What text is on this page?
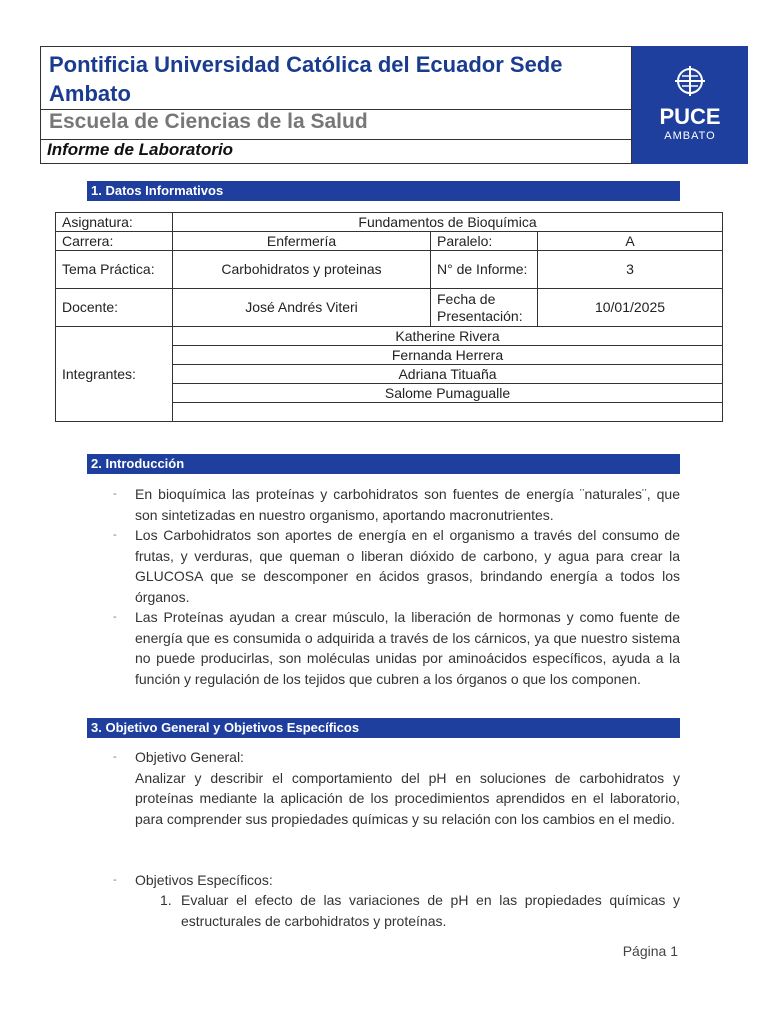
Pontificia Universidad Católica del Ecuador Sede Ambato
Escuela de Ciencias de la Salud
Informe de Laboratorio
PUCE
AMBATO
1. Datos Informativos
Asignatura:	Fundamentos de Bioquímica		
Carrera:	Enfermería	Paralelo:	A
Tema Práctica:	Carbohidratos y proteinas	N° de Informe:	3
Docente:	José Andrés Viteri	Fecha de Presentación:	10/01/2025
Integrantes:	Katherine Rivera		
	Fernanda Herrera		
	Adriana Tituaña		
	Salome Pumagualle		

2. Introducción
- En bioquímica las proteínas y carbohidratos son fuentes de energía ¨naturales¨, que son sintetizadas en nuestro organismo, aportando macronutrientes.
- Los Carbohidratos son aportes de energía en el organismo a través del consumo de frutas, y verduras, que queman o liberan dióxido de carbono, y agua para crear la GLUCOSA que se descomponer en ácidos grasos, brindando energía a todos los órganos.
- Las Proteínas ayudan a crear músculo, la liberación de hormonas y como fuente de energía que es consumida o adquirida a través de los cárnicos, ya que nuestro sistema no puede producirlas, son moléculas unidas por aminoácidos específicos, ayuda a la función y regulación de los tejidos que cubren a los órganos o que los componen.
3. Objetivo General y Objetivos Específicos
- Objetivo General:
Analizar y describir el comportamiento del pH en soluciones de carbohidratos y proteínas mediante la aplicación de los procedimientos aprendidos en el laboratorio, para comprender sus propiedades químicas y su relación con los cambios en el medio.
- Objetivos Específicos:
1. Evaluar el efecto de las variaciones de pH en las propiedades químicas y estructurales de carbohidratos y proteínas.
Página 1
